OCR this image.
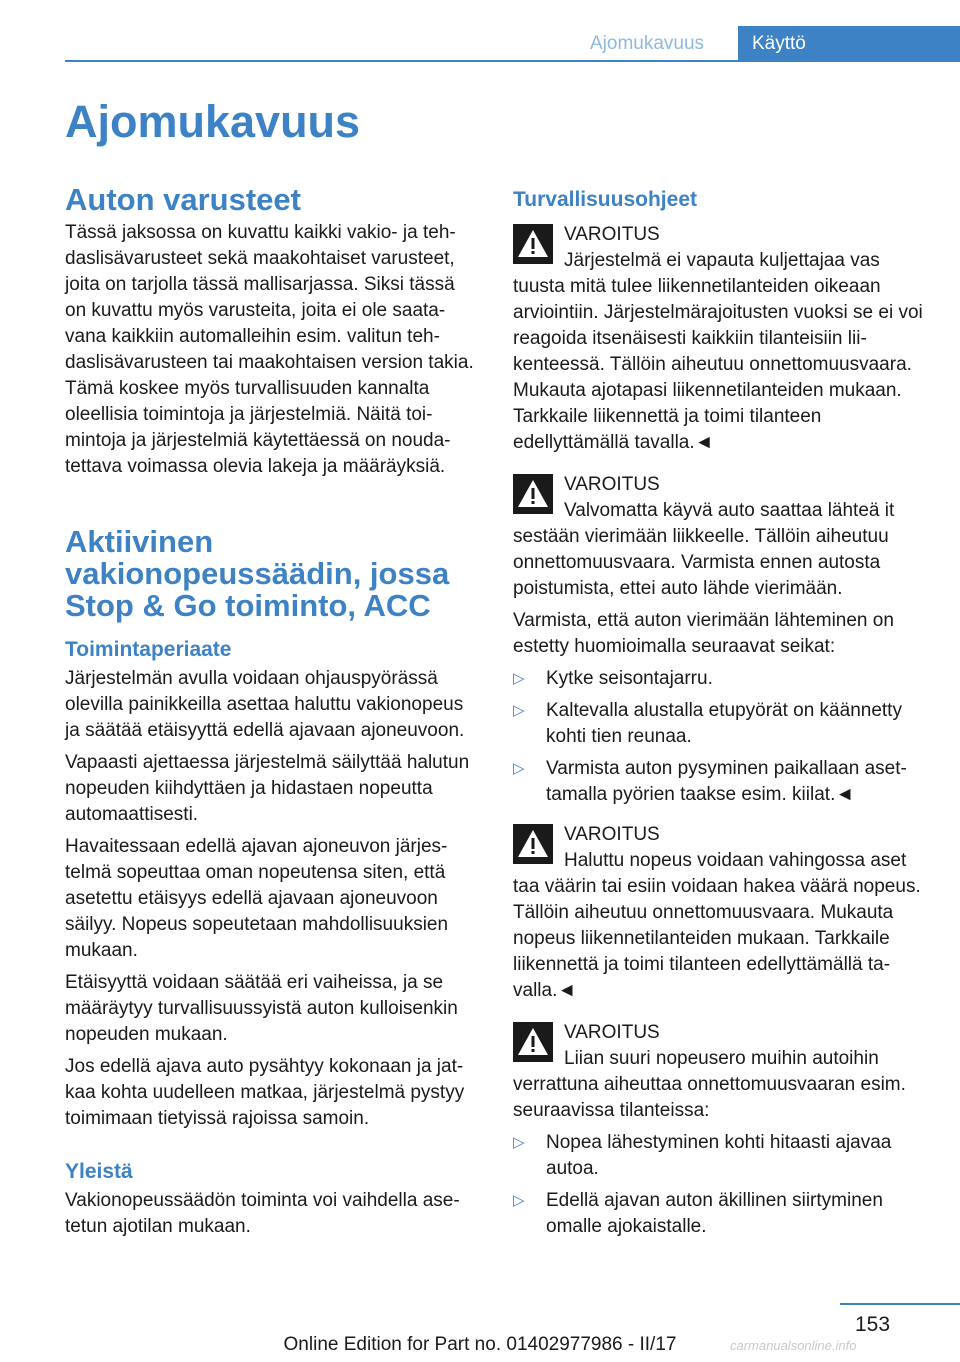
Ajomukavuus	Käyttö
Ajomukavuus
Auton varusteet

Tässä jaksossa on kuvattu kaikki vakio- ja tehdaslisävarusteet sekä maakohtaiset varusteet, joita on tarjolla tässä mallisarjassa. Siksi tässä on kuvattu myös varusteita, joita ei ole saatavana kaikkiin automalleihin esim. valitun tehdaslisävarusteen tai maakohtaisen version takia. Tämä koskee myös turvallisuuden kannalta oleellisia toimintoja ja järjestelmiä. Näitä toimintoja ja järjestelmiä käytettäessä on noudatettava voimassa olevia lakeja ja määräyksiä.

Aktiivinen vakionopeussäädin, jossa Stop & Go toiminto, ACC
Toimintaperiaate

Järjestelmän avulla voidaan ohjauspyörässä olevilla painikkeilla asettaa haluttu vakionopeus ja säätää etäisyyttä edellä ajavaan ajoneuvoon.

Vapaasti ajettaessa järjestelmä säilyttää halutun nopeuden kiihdyttäen ja hidastaen nopeutta automaattisesti.

Havaitessaan edellä ajavan ajoneuvon järjestelmä sopeuttaa oman nopeutensa siten, että asetettu etäisyys edellä ajavaan ajoneuvoon säilyy. Nopeus sopeutetaan mahdollisuuksien mukaan.

Etäisyyttä voidaan säätää eri vaiheissa, ja se määräytyy turvallisuussyistä auton kulloisenkin nopeuden mukaan.

Jos edellä ajava auto pysähtyy kokonaan ja jatkaa kohta uudelleen matkaa, järjestelmä pystyy toimimaan tietyissä rajoissa samoin.

Yleistä

Vakionopeussäädön toiminta voi vaihdella asetetun ajotilan mukaan.

Turvallisuusohjeet
VAROITUS
Järjestelmä ei vapauta kuljettajaa vas

tuusta mitä tulee liikennetilanteiden oikeaan arviointiin. Järjestelmärajoitusten vuoksi se ei voi reagoida itsenäisesti kaikkiin tilanteisiin liikenteessä. Tällöin aiheutuu onnettomuusvaara. Mukauta ajotapasi liikennetilanteiden mukaan. Tarkkaile liikennettä ja toimi tilanteen edellyttämällä tavalla.◄

VAROITUS
Valvomatta käyvä auto saattaa lähteä it

sestään vierimään liikkeelle. Tällöin aiheutuu onnettomuusvaara. Varmista ennen autosta poistumista, ettei auto lähde vierimään.

Varmista, että auton vierimään lähteminen on estetty huomioimalla seuraavat seikat:

▷ Kytke seisontajarru.
▷ Kaltevalla alustalla etupyörät on käännetty kohti tien reunaa.
▷ Varmista auton pysyminen paikallaan asettamalla pyörien taakse esim. kiilat.◄
VAROITUS
Haluttu nopeus voidaan vahingossa aset

taa väärin tai esiin voidaan hakea väärä nopeus. Tällöin aiheutuu onnettomuusvaara. Mukauta nopeus liikennetilanteiden mukaan. Tarkkaile liikennettä ja toimi tilanteen edellyttämällä tavalla.◄

VAROITUS
Liian suuri nopeusero muihin autoihin

verrattuna aiheuttaa onnettomuusvaaran esim. seuraavissa tilanteissa:

▷ Nopea lähestyminen kohti hitaasti ajavaa autoa.
▷ Edellä ajavan auton äkillinen siirtyminen omalle ajokaistalle.
153
Online Edition for Part no. 01402977986 - II/17	carmanualsonline.info
